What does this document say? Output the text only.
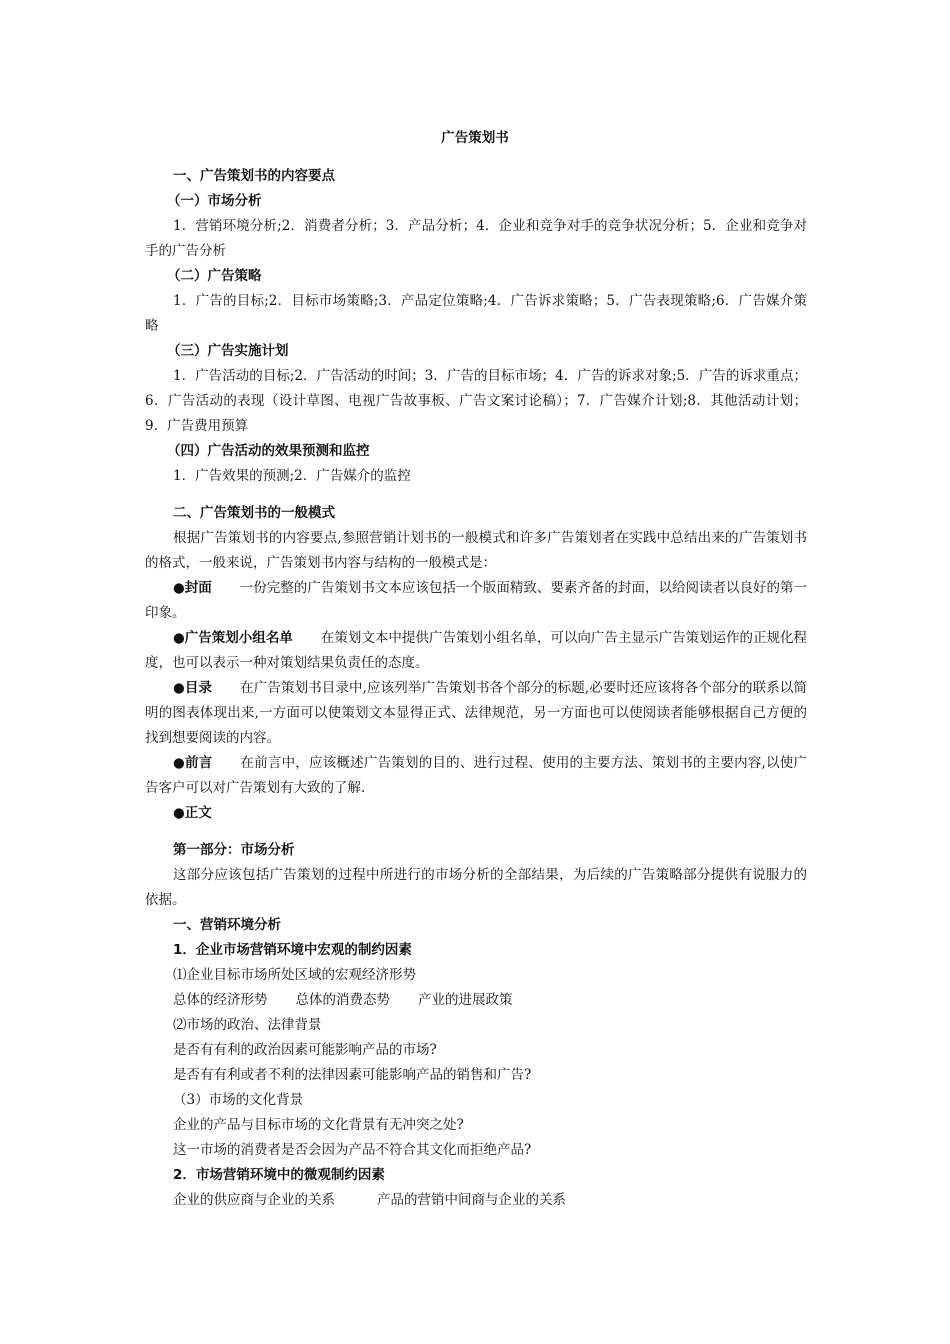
广告策划书
一、广告策划书的内容要点
（一）市场分析
1．营销环境分析;2．消费者分析；3．产品分析；4．企业和竞争对手的竞争状况分析；5．企业和竞争对手的广告分析
（二）广告策略
1．广告的目标;2．目标市场策略;3．产品定位策略;4．广告诉求策略；5．广告表现策略;6．广告媒介策略
（三）广告实施计划
1．广告活动的目标;2．广告活动的时间；3．广告的目标市场；4．广告的诉求对象;5．广告的诉求重点；6．广告活动的表现（设计草图、电视广告故事板、广告文案讨论稿）；7．广告媒介计划;8．其他活动计划；9．广告费用预算
（四）广告活动的效果预测和监控
1．广告效果的预测;2．广告媒介的监控
二、广告策划书的一般模式
根据广告策划书的内容要点,参照营销计划书的一般模式和许多广告策划者在实践中总结出来的广告策划书的格式，一般来说，广告策划书内容与结构的一般模式是：
●封面 一份完整的广告策划书文本应该包括一个版面精致、要素齐备的封面，以给阅读者以良好的第一印象。
●广告策划小组名单 在策划文本中提供广告策划小组名单，可以向广告主显示广告策划运作的正规化程度，也可以表示一种对策划结果负责任的态度。
●目录 在广告策划书目录中,应该列举广告策划书各个部分的标题,必要时还应该将各个部分的联系以简明的图表体现出来,一方面可以使策划文本显得正式、法律规范，另一方面也可以使阅读者能够根据自己方便的找到想要阅读的内容。
●前言 在前言中，应该概述广告策划的目的、进行过程、使用的主要方法、策划书的主要内容,以使广告客户可以对广告策划有大致的了解.
●正文
第一部分：市场分析
这部分应该包括广告策划的过程中所进行的市场分析的全部结果，为后续的广告策略部分提供有说服力的依据。
一、营销环境分析
1．企业市场营销环境中宏观的制约因素
⑴企业目标市场所处区域的宏观经济形势
总体的经济形势 总体的消费态势 产业的进展政策
⑵市场的政治、法律背景
是否有有利的政治因素可能影响产品的市场?
是否有有利或者不利的法律因素可能影响产品的销售和广告?
（3）市场的文化背景
企业的产品与目标市场的文化背景有无冲突之处?
这一市场的消费者是否会因为产品不符合其文化而拒绝产品?
2．市场营销环境中的微观制约因素
企业的供应商与企业的关系	产品的营销中间商与企业的关系
